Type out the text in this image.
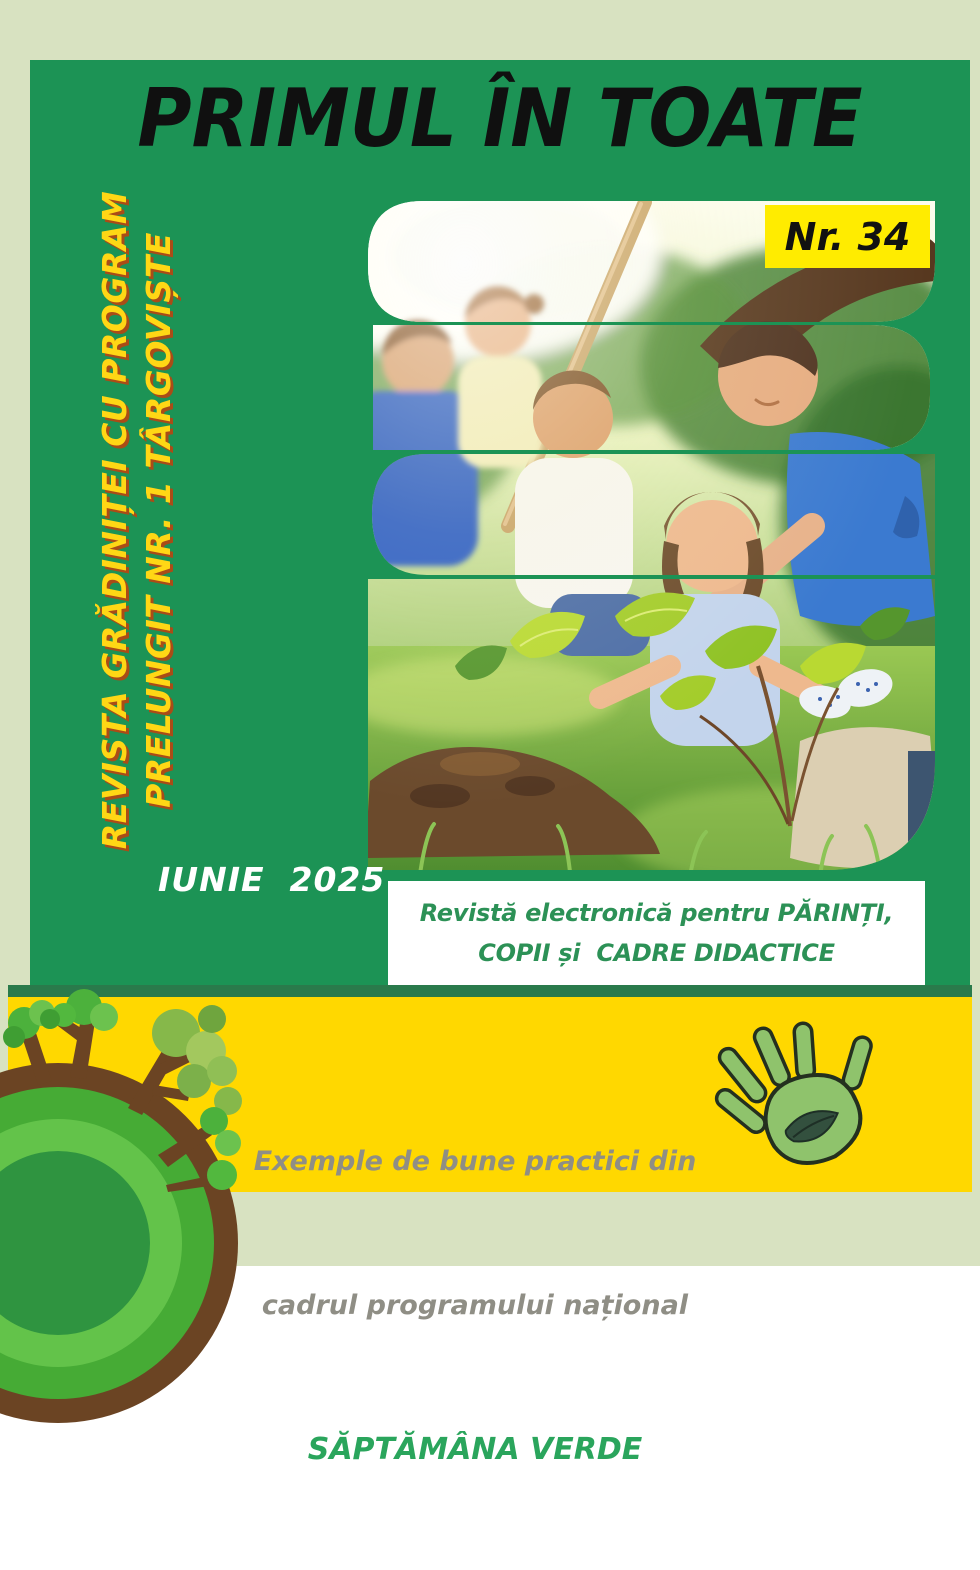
PRIMUL ÎN TOATE
REVISTA GRĂDINIȚEI CU PROGRAM PRELUNGIT NR. 1 TÂRGOVIȘTE	Nr. 34
IUNIE  2025

Revistă electronică pentru PĂRINȚI,
COPII și  CADRE DIDACTICE

Exemple de bune practici din

cadrul programului național

SĂPTĂMÂNA VERDE
